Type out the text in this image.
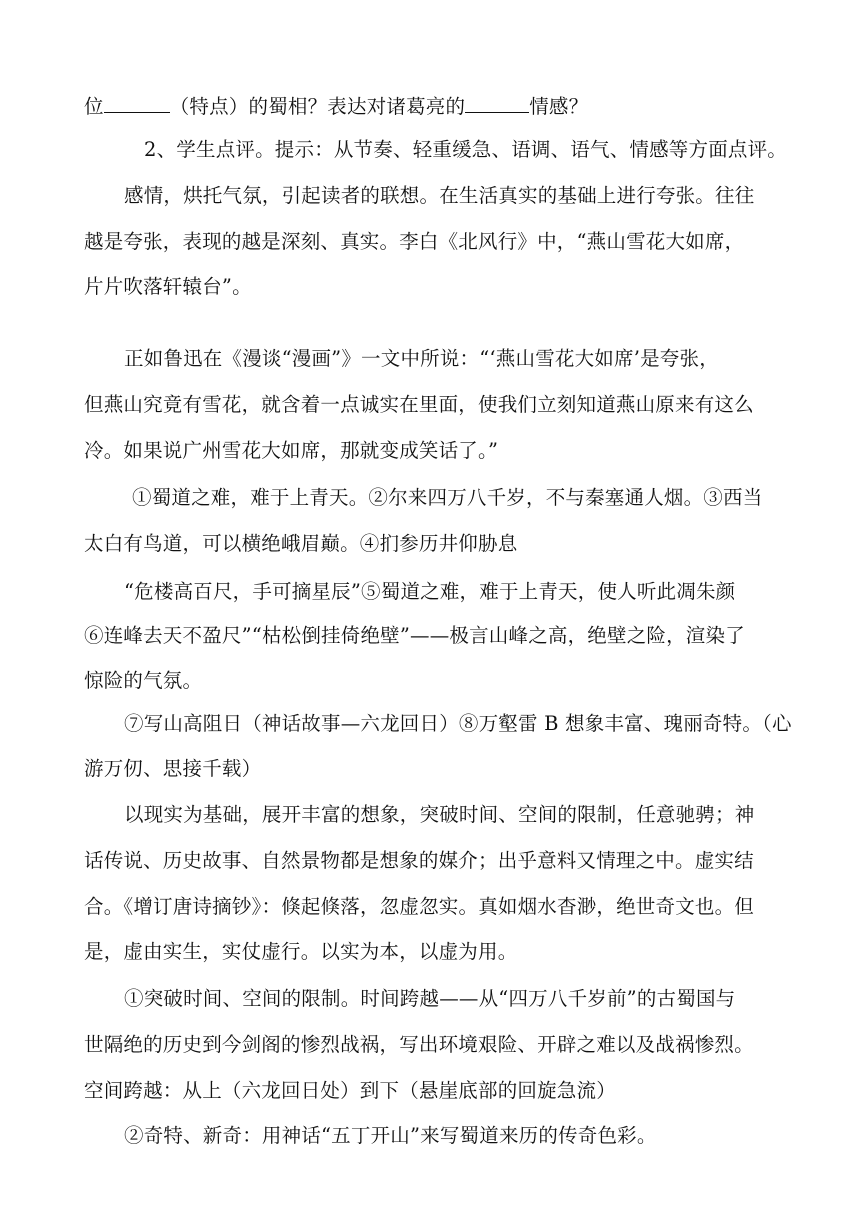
位	（特点）的蜀相？表达对诸葛亮的	情感？
2、学生点评。提示：从节奏、轻重缓急、语调、语气、情感等方面点评。
感情，烘托气氛，引起读者的联想。在生活真实的基础上进行夸张。往往
越是夸张，表现的越是深刻、真实。李白《北风行》中，“燕山雪花大如席，
片片吹落轩辕台”。
正如鲁迅在《漫谈“漫画”》一文中所说：“‘燕山雪花大如席’是夸张，
但燕山究竟有雪花，就含着一点诚实在里面，使我们立刻知道燕山原来有这么
冷。如果说广州雪花大如席，那就变成笑话了。”
①蜀道之难，难于上青天。②尔来四万八千岁，不与秦塞通人烟。③西当
太白有鸟道，可以横绝峨眉巅。④扪参历井仰胁息
“危楼高百尺，手可摘星辰”⑤蜀道之难，难于上青天，使人听此凋朱颜
⑥连峰去天不盈尺”“枯松倒挂倚绝壁”——极言山峰之高，绝壁之险，渲染了
惊险的气氛。
⑦写山高阻日（神话故事—六龙回日）⑧万壑雷 B 想象丰富、瑰丽奇特。（心
游万仞、思接千载）
以现实为基础，展开丰富的想象，突破时间、空间的限制，任意驰骋；神
话传说、历史故事、自然景物都是想象的媒介；出乎意料又情理之中。虚实结
合。《增订唐诗摘钞》：倏起倏落，忽虚忽实。真如烟水杳渺，绝世奇文也。但
是，虚由实生，实仗虚行。以实为本，以虚为用。
①突破时间、空间的限制。时间跨越——从“四万八千岁前”的古蜀国与
世隔绝的历史到今剑阁的惨烈战祸，写出环境艰险、开辟之难以及战祸惨烈。
空间跨越：从上（六龙回日处）到下（悬崖底部的回旋急流）
②奇特、新奇：用神话“五丁开山”来写蜀道来历的传奇色彩。
